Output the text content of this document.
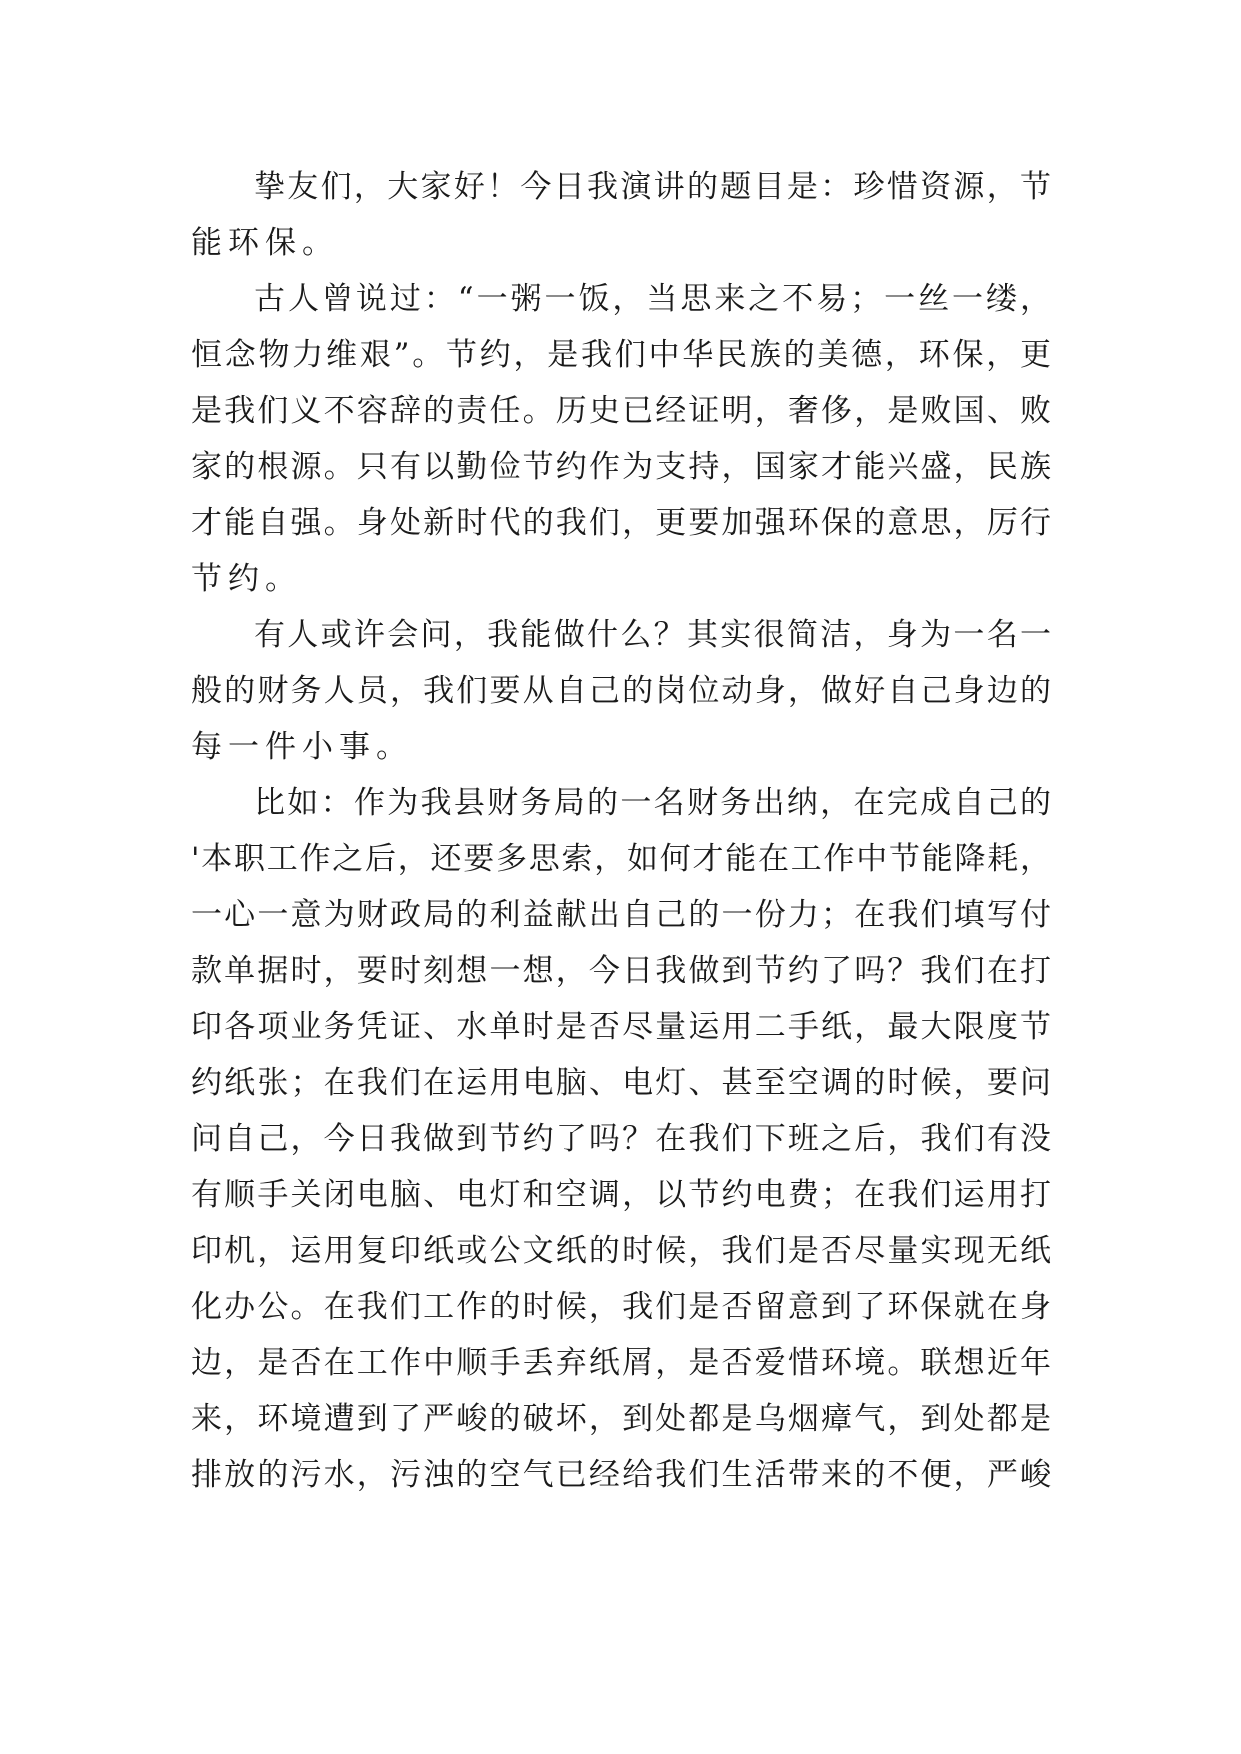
挚友们，大家好！今日我演讲的题目是：珍惜资源，节
能环保。
古人曾说过：“一粥一饭，当思来之不易；一丝一缕，
恒念物力维艰”。节约，是我们中华民族的美德，环保，更
是我们义不容辞的责任。历史已经证明，奢侈，是败国、败
家的根源。只有以勤俭节约作为支持，国家才能兴盛，民族
才能自强。身处新时代的我们，更要加强环保的意思，厉行
节约。
有人或许会问，我能做什么？其实很简洁，身为一名一
般的财务人员，我们要从自己的岗位动身，做好自己身边的
每一件小事。
比如：作为我县财务局的一名财务出纳，在完成自己的
'本职工作之后，还要多思索，如何才能在工作中节能降耗，
一心一意为财政局的利益献出自己的一份力；在我们填写付
款单据时，要时刻想一想，今日我做到节约了吗？我们在打
印各项业务凭证、水单时是否尽量运用二手纸，最大限度节
约纸张；在我们在运用电脑、电灯、甚至空调的时候，要问
问自己，今日我做到节约了吗？在我们下班之后，我们有没
有顺手关闭电脑、电灯和空调，以节约电费；在我们运用打
印机，运用复印纸或公文纸的时候，我们是否尽量实现无纸
化办公。在我们工作的时候，我们是否留意到了环保就在身
边，是否在工作中顺手丢弃纸屑，是否爱惜环境。联想近年
来，环境遭到了严峻的破坏，到处都是乌烟瘴气，到处都是
排放的污水，污浊的空气已经给我们生活带来的不便，严峻
